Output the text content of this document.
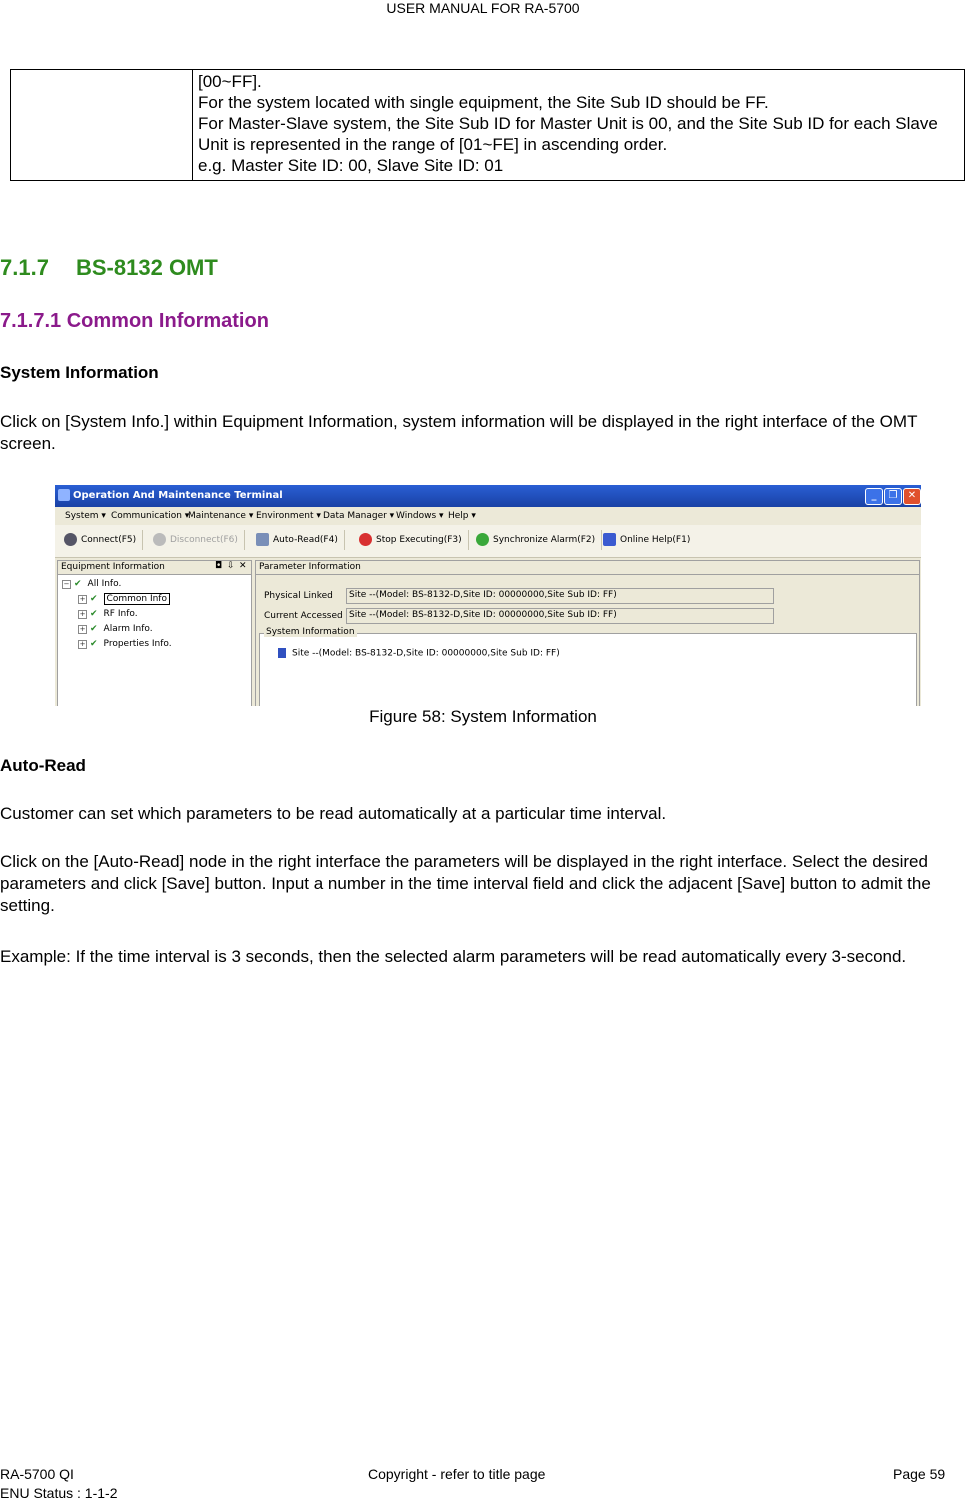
USER MANUAL FOR RA-5700

[00~FF].
For the system located with single equipment, the Site Sub ID should be FF.
For Master-Slave system, the Site Sub ID for Master Unit is 00, and the Site Sub ID for each Slave Unit is represented in the range of [01~FE] in ascending order.
e.g. Master Site ID: 00, Slave Site ID: 01
7.1.7 BS-8132 OMT
7.1.7.1 Common Information
System Information
Click on [System Info.] within Equipment Information, system information will be displayed in the right interface of the OMT screen.
Operation And Maintenance Terminal	_	❐	✕
System ▾ Communication ▾
Maintenance ▾ Environment ▾ Data Manager ▾ Windows ▾ Help ▾
Connect(F5)	Disconnect(F6)	Auto-Read(F4)	Stop Executing(F3)	Synchronize Alarm(F2)	Online Help(F1)
Equipment Information	◘ ⇩ ✕
− ✔ All Info.
+ ✔ Common Info
+ ✔ RF Info.
+ ✔ Alarm Info.
+ ✔ Properties Info.
Parameter Information
Physical Linked	Site --(Model: BS-8132-D,Site ID: 00000000,Site Sub ID: FF)
Current Accessed Site --(Model: BS-8132-D,Site ID: 00000000,Site Sub ID: FF)
System Information
Site --(Model: BS-8132-D,Site ID: 00000000,Site Sub ID: FF)
Figure 58: System Information
Auto-Read
Customer can set which parameters to be read automatically at a particular time interval.
Click on the [Auto-Read] node in the right interface the parameters will be displayed in the right interface. Select the desired parameters and click [Save] button. Input a number in the time interval field and click the adjacent [Save] button to admit the setting.
Example: If the time interval is 3 seconds, then the selected alarm parameters will be read automatically every 3-second.
RA-5700 QI
ENU Status : 1-1-2
Copyright - refer to title page	Page 59
